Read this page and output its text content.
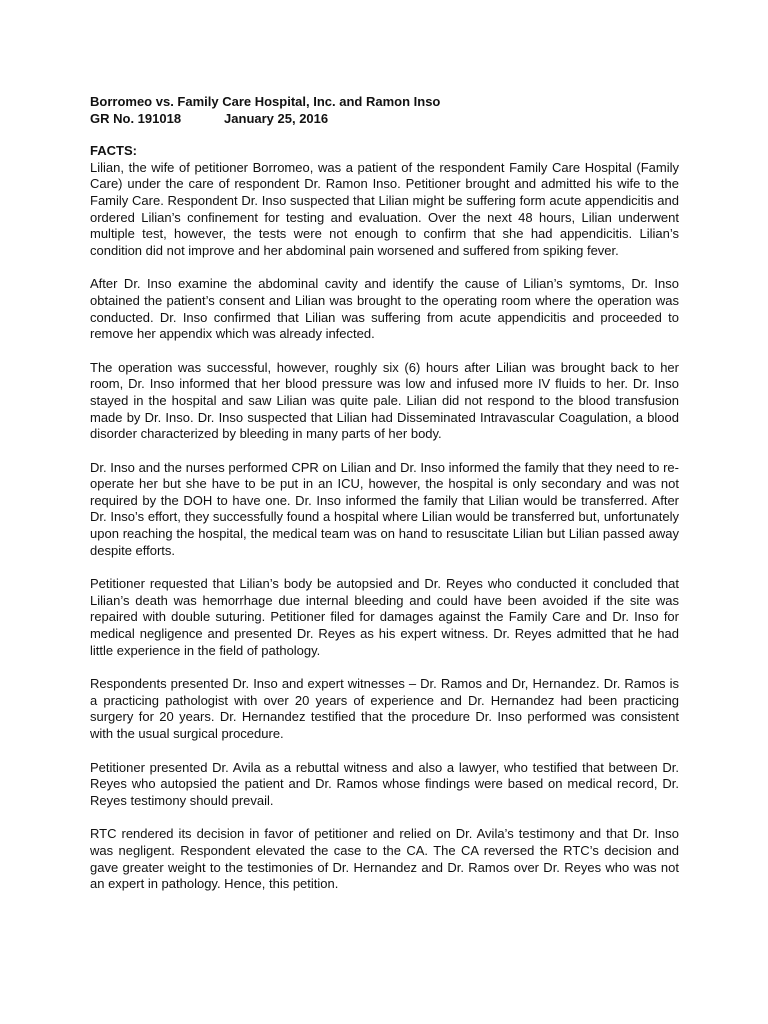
Borromeo vs. Family Care Hospital, Inc. and Ramon Inso
GR No. 191018	January 25, 2016
FACTS:

Lilian, the wife of petitioner Borromeo, was a patient of the respondent Family Care Hospital (Family Care) under the care of respondent Dr. Ramon Inso. Petitioner brought and admitted his wife to the Family Care. Respondent Dr. Inso suspected that Lilian might be suffering form acute appendicitis and ordered Lilian’s confinement for testing and evaluation. Over the next 48 hours, Lilian underwent multiple test, however, the tests were not enough to confirm that she had appendicitis. Lilian’s condition did not improve and her abdominal pain worsened and suffered from spiking fever.

After Dr. Inso examine the abdominal cavity and identify the cause of Lilian’s symtoms, Dr. Inso obtained the patient’s consent and Lilian was brought to the operating room where the operation was conducted. Dr. Inso confirmed that Lilian was suffering from acute appendicitis and proceeded to remove her appendix which was already infected.

The operation was successful, however, roughly six (6) hours after Lilian was brought back to her room, Dr. Inso informed that her blood pressure was low and infused more IV fluids to her. Dr. Inso stayed in the hospital and saw Lilian was quite pale. Lilian did not respond to the blood transfusion made by Dr. Inso. Dr. Inso suspected that Lilian had Disseminated Intravascular Coagulation, a blood disorder characterized by bleeding in many parts of her body.

Dr. Inso and the nurses performed CPR on Lilian and Dr. Inso informed the family that they need to re-operate her but she have to be put in an ICU, however, the hospital is only secondary and was not required by the DOH to have one. Dr. Inso informed the family that Lilian would be transferred. After Dr. Inso’s effort, they successfully found a hospital where Lilian would be transferred but, unfortunately upon reaching the hospital, the medical team was on hand to resuscitate Lilian but Lilian passed away despite efforts.

Petitioner requested that Lilian’s body be autopsied and Dr. Reyes who conducted it concluded that Lilian’s death was hemorrhage due internal bleeding and could have been avoided if the site was repaired with double suturing. Petitioner filed for damages against the Family Care and Dr. Inso for medical negligence and presented Dr. Reyes as his expert witness. Dr. Reyes admitted that he had little experience in the field of pathology.

Respondents presented Dr. Inso and expert witnesses – Dr. Ramos and Dr, Hernandez. Dr. Ramos is a practicing pathologist with over 20 years of experience and Dr. Hernandez had been practicing surgery for 20 years. Dr. Hernandez testified that the procedure Dr. Inso performed was consistent with the usual surgical procedure.

Petitioner presented Dr. Avila as a rebuttal witness and also a lawyer, who testified that between Dr. Reyes who autopsied the patient and Dr. Ramos whose findings were based on medical record, Dr. Reyes testimony should prevail.

RTC rendered its decision in favor of petitioner and relied on Dr. Avila’s testimony and that Dr. Inso was negligent. Respondent elevated the case to the CA. The CA reversed the RTC’s decision and gave greater weight to the testimonies of Dr. Hernandez and Dr. Ramos over Dr. Reyes who was not an expert in pathology. Hence, this petition.
